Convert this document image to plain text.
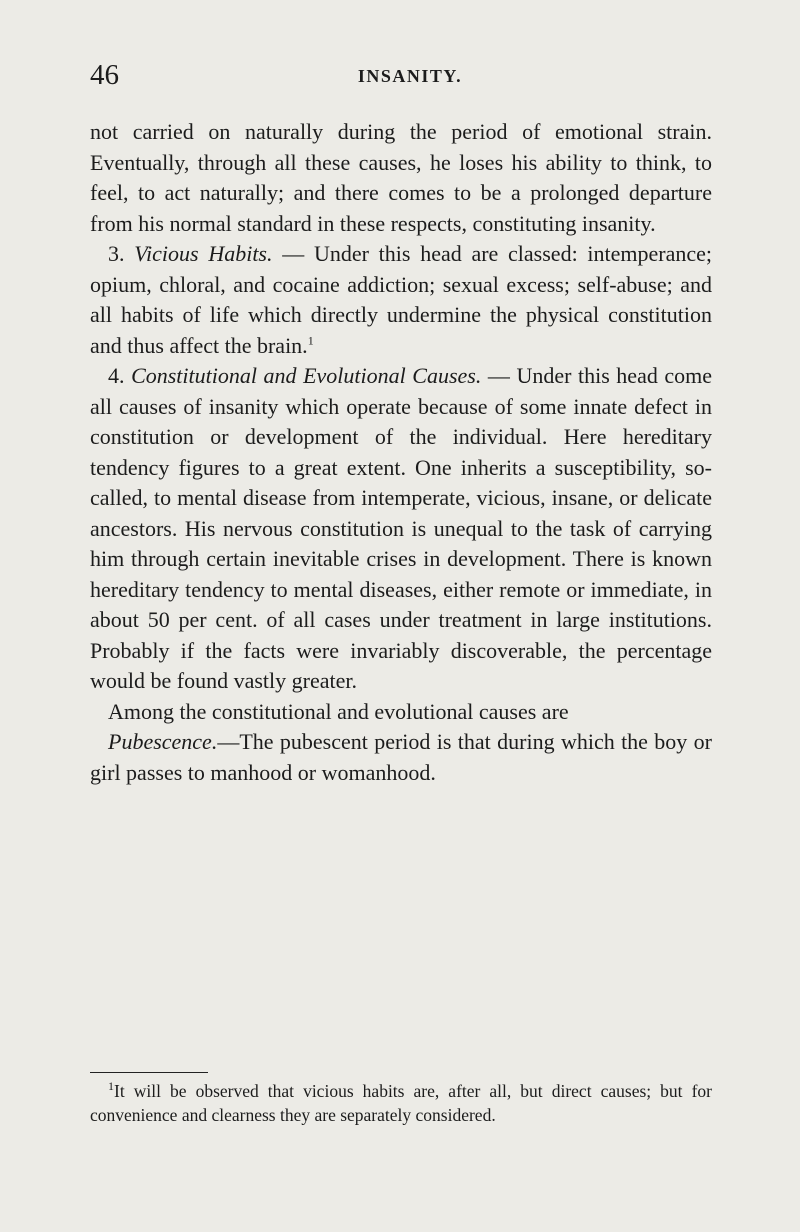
46	INSANITY.

not carried on naturally during the period of emotional strain. Eventually, through all these causes, he loses his ability to think, to feel, to act naturally; and there comes to be a prolonged departure from his normal standard in these respects, constituting insanity.

3. Vicious Habits. — Under this head are classed: intemperance; opium, chloral, and cocaine addiction; sexual excess; self-abuse; and all habits of life which directly undermine the physical constitution and thus affect the brain.$^1$

4. Constitutional and Evolutional Causes. — Under this head come all causes of insanity which operate because of some innate defect in constitution or development of the individual. Here hereditary tendency figures to a great extent. One inherits a susceptibility, so-called, to mental disease from intemperate, vicious, insane, or delicate ancestors. His nervous constitution is unequal to the task of carrying him through certain inevitable crises in development. There is known hereditary tendency to mental diseases, either remote or immediate, in about 50 per cent. of all cases under treatment in large institutions. Probably if the facts were invariably discoverable, the percentage would be found vastly greater.

Among the constitutional and evolutional causes are

Pubescence.—The pubescent period is that during which the boy or girl passes to manhood or womanhood.

$^1$It will be observed that vicious habits are, after all, but direct causes; but for convenience and clearness they are separately considered.
